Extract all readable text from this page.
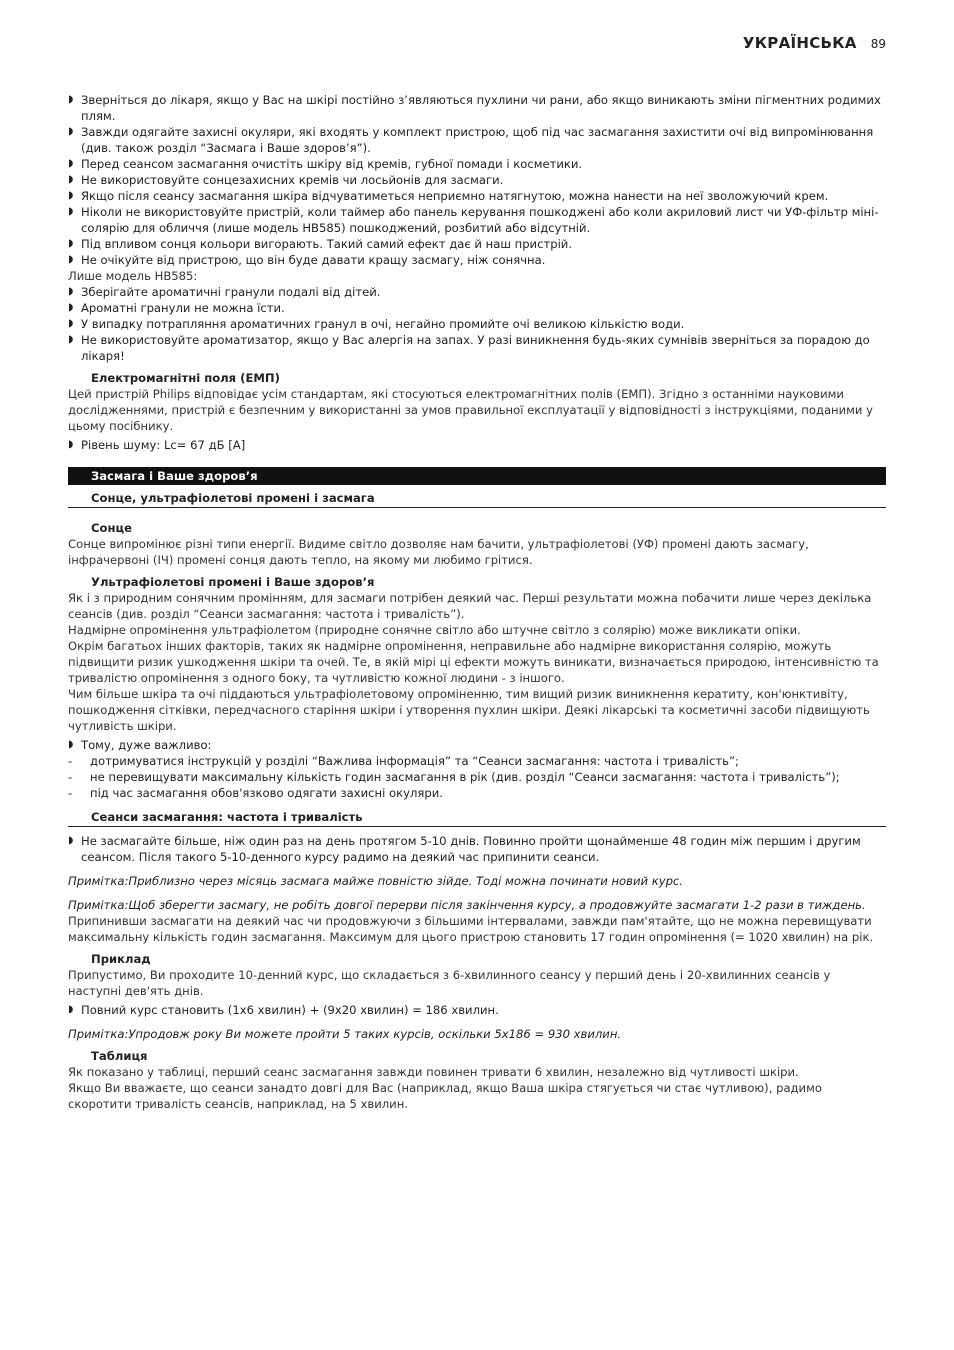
УКРАЇНСЬКА 89

◗ Зверніться до лікаря, якщо у Вас на шкірі постійно з’являються пухлини чи рани, або якщо виникають зміни пігментних родимих плям.

◗ Завжди одягайте захисні окуляри, які входять у комплект пристрою, щоб під час засмагання захистити очі від випромінювання (див. також розділ “Засмага і Ваше здоров’я”).

◗ Перед сеансом засмагання очистіть шкіру від кремів, губної помади і косметики.

◗ Не використовуйте сонцезахисних кремів чи лосьйонів для засмаги.

◗ Якщо після сеансу засмагання шкіра відчуватиметься неприємно натягнутою, можна нанести на неї зволожуючий крем.

◗ Ніколи не використовуйте пристрій, коли таймер або панель керування пошкоджені або коли акриловий лист чи УФ-фільтр міні-солярію для обличчя (лише модель HB585) пошкоджений, розбитий або відсутній.

◗ Під впливом сонця кольори вигорають. Такий самий ефект дає й наш пристрій.

◗ Не очікуйте від пристрою, що він буде давати кращу засмагу, ніж сонячна.

Лише модель HB585:

◗ Зберігайте ароматичні гранули подалі від дітей.

◗ Ароматні гранули не можна їсти.

◗ У випадку потрапляння ароматичних гранул в очі, негайно промийте очі великою кількістю води.

◗ Не використовуйте ароматизатор, якщо у Вас алергія на запах. У разі виникнення будь-яких сумнівів зверніться за порадою до лікаря!

Електромагнітні поля (ЕМП)

Цей пристрій Philips відповідає усім стандартам, які стосуються електромагнітних полів (ЕМП). Згідно з останніми науковими дослідженнями, пристрій є безпечним у використанні за умов правильної експлуатації у відповідності з інструкціями, поданими у цьому посібнику.

◗ Рівень шуму: Lc= 67 дБ [A]

Засмага і Ваше здоров’я

Сонце, ультрафіолетові промені і засмага

Сонце

Сонце випромінює різні типи енергії. Видиме світло дозволяє нам бачити, ультрафіолетові (УФ) промені дають засмагу, інфрачервоні (ІЧ) промені сонця дають тепло, на якому ми любимо грітися.

Ультрафіолетові промені і Ваше здоров’я

Як і з природним сонячним промінням, для засмаги потрібен деякий час. Перші результати можна побачити лише через декілька сеансів (див. розділ “Сеанси засмагання: частота і тривалість”).

Надмірне опромінення ультрафіолетом (природне сонячне світло або штучне світло з солярію) може викликати опіки.

Окрім багатьох інших факторів, таких як надмірне опромінення, неправильне або надмірне використання солярію, можуть підвищити ризик ушкодження шкіри та очей. Те, в якій мірі ці ефекти можуть виникати, визначається природою, інтенсивністю та тривалістю опромінення з одного боку, та чутливістю кожної людини - з іншого.

Чим більше шкіра та очі піддаються ультрафіолетовому опроміненню, тим вищий ризик виникнення кератиту, кон'юнктивіту, пошкодження сітківки, передчасного старіння шкіри і утворення пухлин шкіри. Деякі лікарські та косметичні засоби підвищують чутливість шкіри.

◗ Тому, дуже важливо:

- дотримуватися інструкцій у розділі “Важлива інформація” та “Сеанси засмагання: частота і тривалість”;

- не перевищувати максимальну кількість годин засмагання в рік (див. розділ “Сеанси засмагання: частота і тривалість”);

- під час засмагання обов'язково одягати захисні окуляри.

Сеанси засмагання: частота і тривалість

◗ Не засмагайте більше, ніж один раз на день протягом 5-10 днів. Повинно пройти щонайменше 48 годин між першим і другим сеансом. Після такого 5-10-денного курсу радимо на деякий час припинити сеанси.

Примітка:Приблизно через місяць засмага майже повністю зійде. Тоді можна починати новий курс.

Примітка:Щоб зберегти засмагу, не робіть довгої перерви після закінчення курсу, а продовжуйте засмагати 1-2 рази в тиждень.

Припинивши засмагати на деякий час чи продовжуючи з більшими інтервалами, завжди пам'ятайте, що не можна перевищувати максимальну кількість годин засмагання. Максимум для цього пристрою становить 17 годин опромінення (= 1020 хвилин) на рік.

Приклад

Припустимо, Ви проходите 10-денний курс, що складається з 6-хвилинного сеансу у перший день і 20-хвилинних сеансів у наступні дев'ять днів.

◗ Повний курс становить (1x6 хвилин) + (9x20 хвилин) = 186 хвилин.

Примітка:Упродовж року Ви можете пройти 5 таких курсів, оскільки 5x186 = 930 хвилин.

Таблиця

Як показано у таблиці, перший сеанс засмагання завжди повинен тривати 6 хвилин, незалежно від чутливості шкіри.

Якщо Ви вважаєте, що сеанси занадто довгі для Вас (наприклад, якщо Ваша шкіра стягується чи стає чутливою), радимо скоротити тривалість сеансів, наприклад, на 5 хвилин.
